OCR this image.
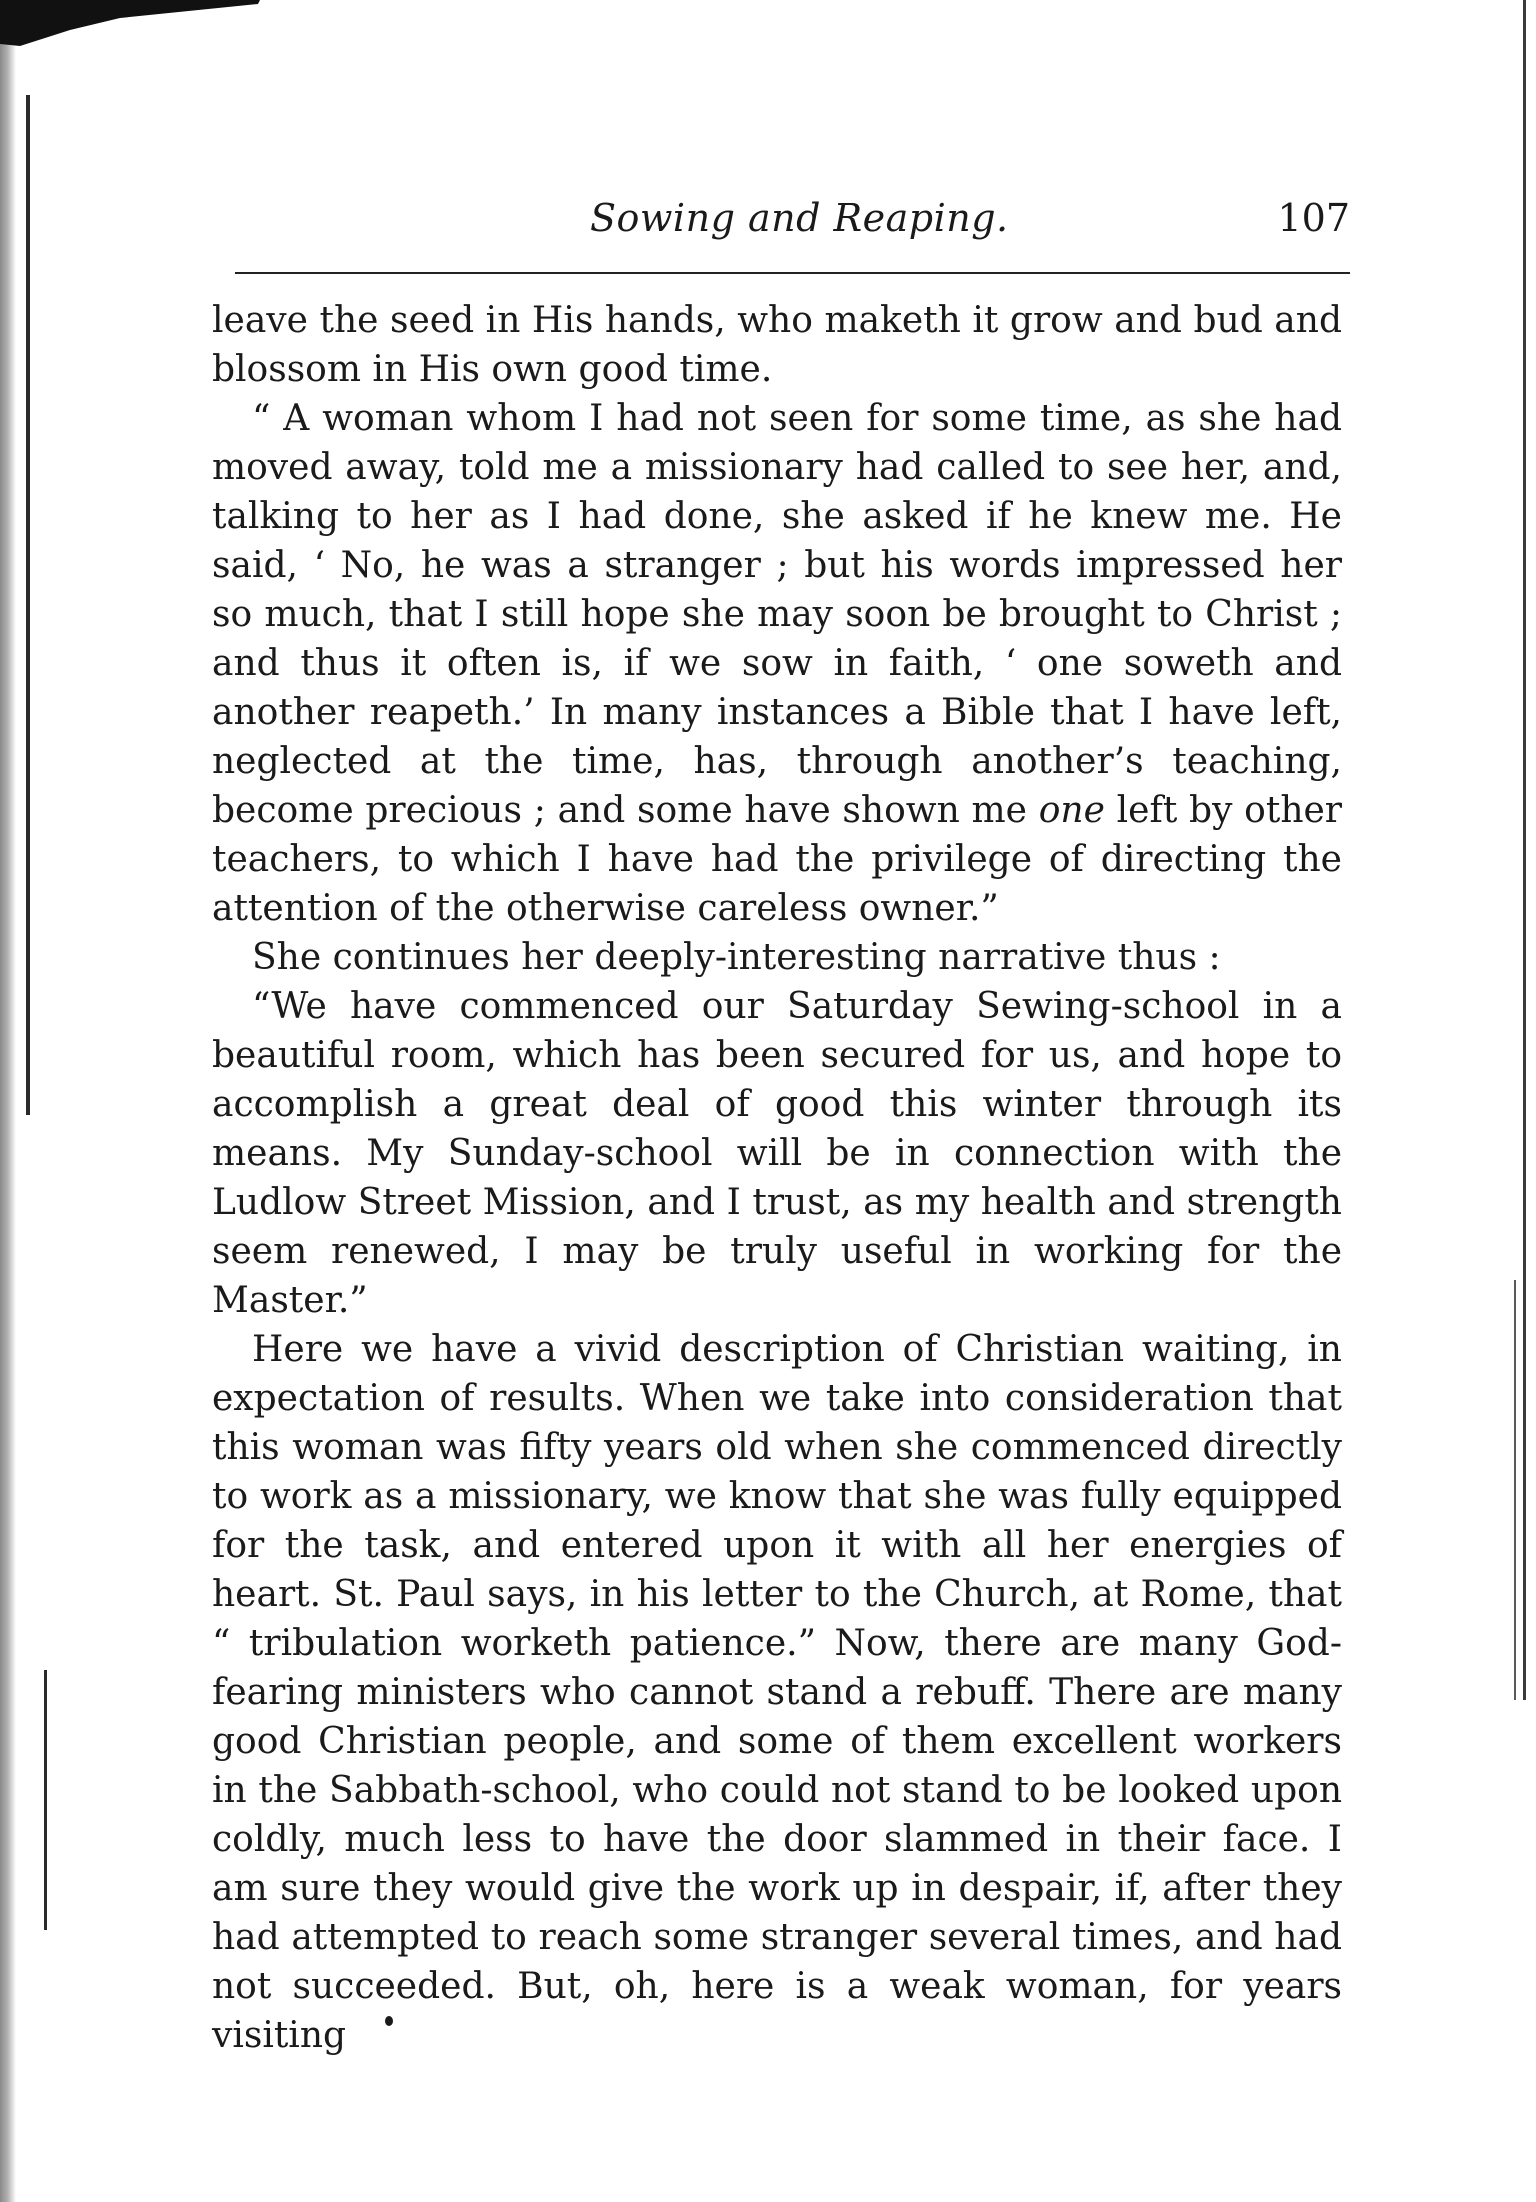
Sowing and Reaping.	107

leave the seed in His hands, who maketh it grow and bud and blossom in His own good time.

“ A woman whom I had not seen for some time, as she had moved away, told me a missionary had called to see her, and, talking to her as I had done, she asked if he knew me. He said, ‘ No, he was a stranger ; but his words impressed her so much, that I still hope she may soon be brought to Christ ; and thus it often is, if we sow in faith, ‘ one soweth and another reapeth.’ In many instances a Bible that I have left, neglected at the time, has, through another’s teaching, become precious ; and some have shown me one left by other teachers, to which I have had the privilege of directing the attention of the otherwise careless owner.”

She continues her deeply-interesting narrative thus :

“We have commenced our Saturday Sewing-school in a beautiful room, which has been secured for us, and hope to accomplish a great deal of good this winter through its means. My Sunday-school will be in connection with the Ludlow Street Mission, and I trust, as my health and strength seem renewed, I may be truly useful in working for the Master.”

Here we have a vivid description of Christian waiting, in expectation of results. When we take into consideration that this woman was fifty years old when she commenced directly to work as a missionary, we know that she was fully equipped for the task, and entered upon it with all her energies of heart. St. Paul says, in his letter to the Church, at Rome, that “ tribulation worketh patience.” Now, there are many God-fearing ministers who cannot stand a rebuff. There are many good Christian people, and some of them excellent workers in the Sabbath-school, who could not stand to be looked upon coldly, much less to have the door slammed in their face. I am sure they would give the work up in despair, if, after they had attempted to reach some stranger several times, and had not succeeded. But, oh, here is a weak woman, for years visiting
